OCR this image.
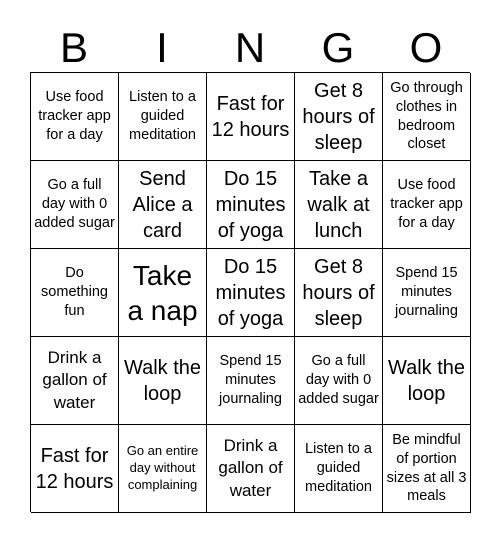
B	I	N	G	O
Use food tracker app for a day
Listen to a guided meditation
Fast for 12 hours
Get 8 hours of sleep
Go through clothes in bedroom closet
Go a full day with 0 added sugar
Send Alice a card
Do 15 minutes of yoga
Take a walk at lunch
Use food tracker app for a day
Do something fun
Take a nap
Do 15 minutes of yoga
Get 8 hours of sleep
Spend 15 minutes journaling
Drink a gallon of water
Walk the loop
Spend 15 minutes journaling
Go a full day with 0 added sugar
Walk the loop
Fast for 12 hours
Go an entire day without complaining
Drink a gallon of water
Listen to a guided meditation
Be mindful of portion sizes at all 3 meals
